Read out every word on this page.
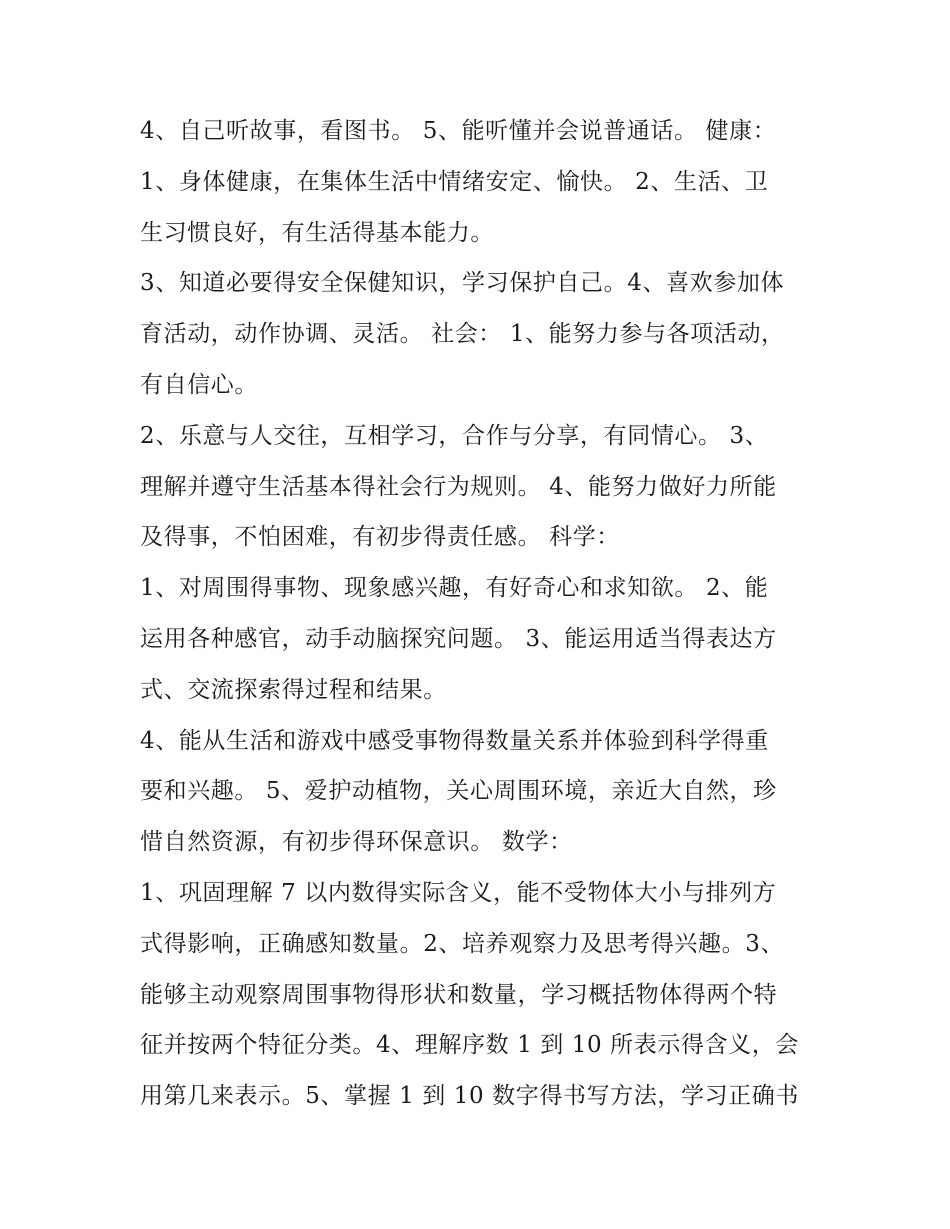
4、自己听故事，看图书。 5、能听懂并会说普通话。 健康：
1、身体健康，在集体生活中情绪安定、愉快。 2、生活、卫
生习惯良好，有生活得基本能力。
3、知道必要得安全保健知识，学习保护自己。4、喜欢参加体
育活动，动作协调、灵活。 社会： 1、能努力参与各项活动，
有自信心。
2、乐意与人交往，互相学习，合作与分享，有同情心。 3、
理解并遵守生活基本得社会行为规则。 4、能努力做好力所能
及得事，不怕困难，有初步得责任感。 科学：
1、对周围得事物、现象感兴趣，有好奇心和求知欲。 2、能
运用各种感官，动手动脑探究问题。 3、能运用适当得表达方
式、交流探索得过程和结果。
4、能从生活和游戏中感受事物得数量关系并体验到科学得重
要和兴趣。 5、爱护动植物，关心周围环境，亲近大自然，珍
惜自然资源，有初步得环保意识。 数学：
1、巩固理解 7 以内数得实际含义，能不受物体大小与排列方
式得影响，正确感知数量。2、培养观察力及思考得兴趣。3、
能够主动观察周围事物得形状和数量，学习概括物体得两个特
征并按两个特征分类。4、理解序数 1 到 10 所表示得含义，会
用第几来表示。5、掌握 1 到 10 数字得书写方法，学习正确书
